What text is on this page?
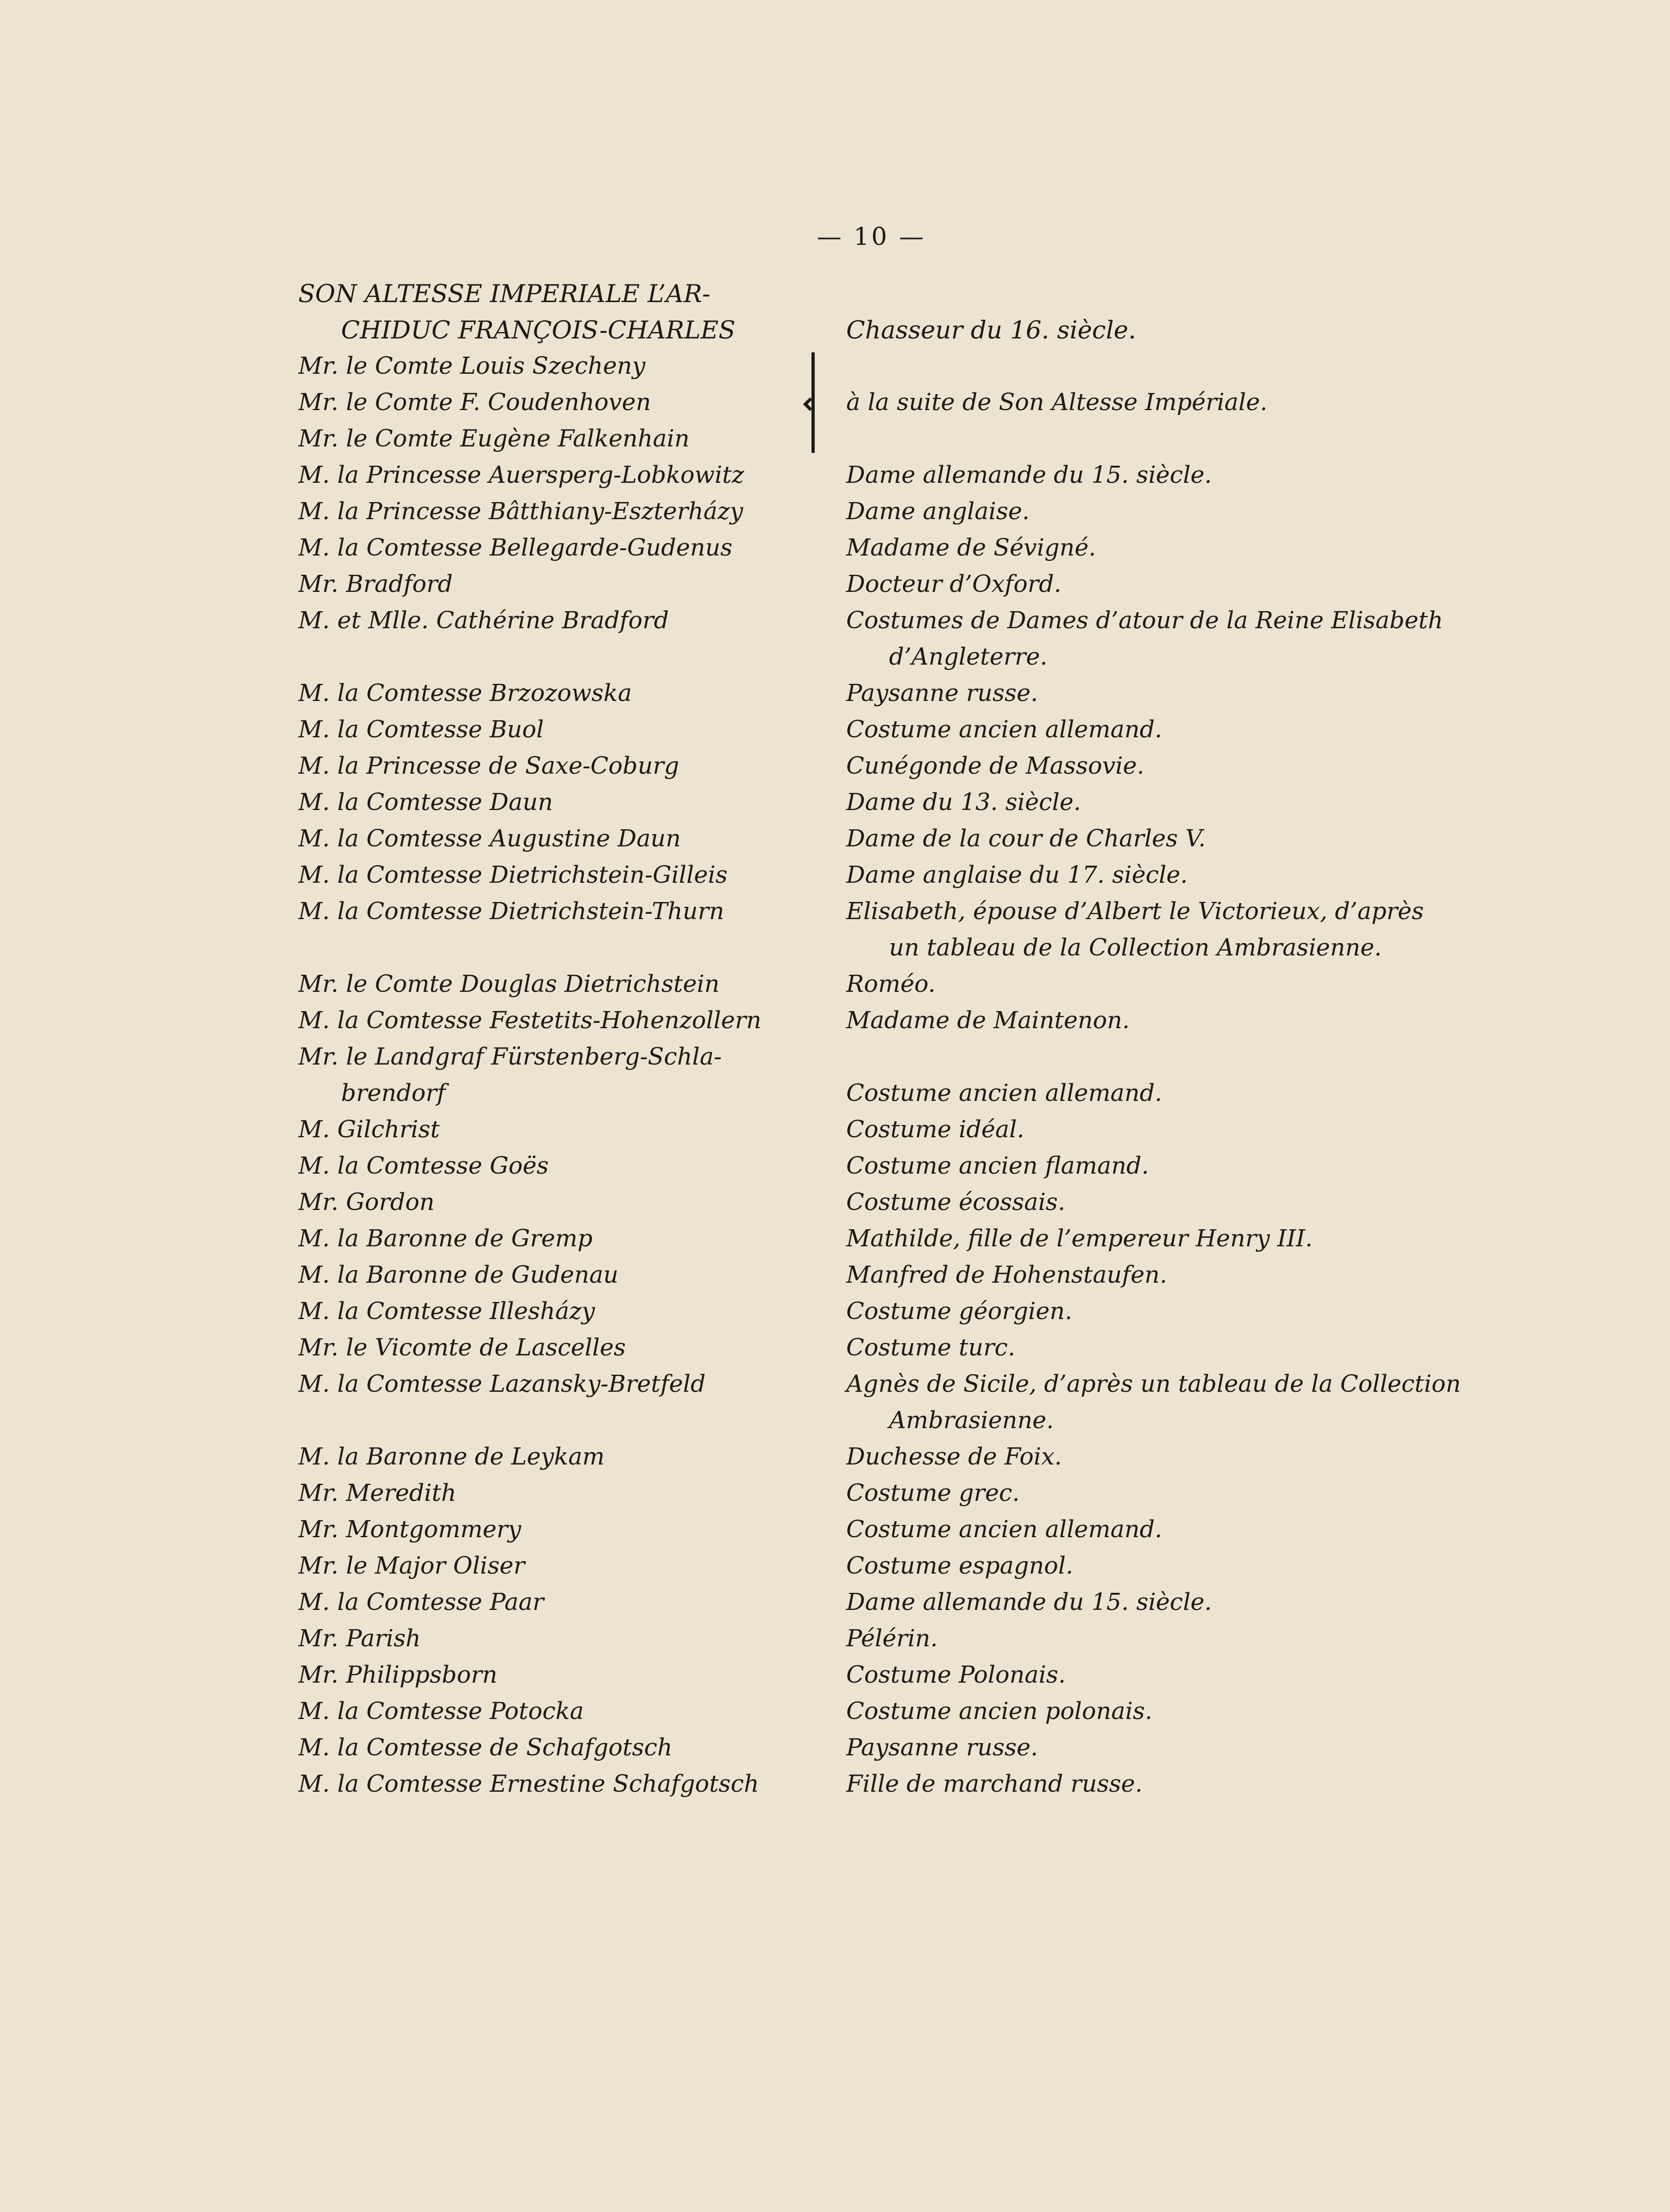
— 10 —
SON ALTESSE IMPERIALE L’AR-

CHIDUC FRANÇOIS-CHARLES	Chasseur du 16. siècle.
Mr. le Comte Louis Szecheny
Mr. le Comte F. Coudenhoven	à la suite de Son Altesse Impériale.
Mr. le Comte Eugène Falkenhain
M. la Princesse Auersperg-Lobkowitz	Dame allemande du 15. siècle.
M. la Princesse Bâtthiany-Eszterházy	Dame anglaise.
M. la Comtesse Bellegarde-Gudenus	Madame de Sévigné.
Mr. Bradford	Docteur d’Oxford.
M. et Mlle. Cathérine Bradford	Costumes de Dames d’atour de la Reine Elisabeth

d’Angleterre.
M. la Comtesse Brzozowska	Paysanne russe.
M. la Comtesse Buol	Costume ancien allemand.
M. la Princesse de Saxe-Coburg	Cunégonde de Massovie.
M. la Comtesse Daun	Dame du 13. siècle.
M. la Comtesse Augustine Daun	Dame de la cour de Charles V.
M. la Comtesse Dietrichstein-Gilleis	Dame anglaise du 17. siècle.
M. la Comtesse Dietrichstein-Thurn	Elisabeth, épouse d’Albert le Victorieux, d’après

un tableau de la Collection Ambrasienne.
Mr. le Comte Douglas Dietrichstein	Roméo.
M. la Comtesse Festetits-Hohenzollern	Madame de Maintenon.
Mr. le Landgraf Fürstenberg-Schla-

brendorf	Costume ancien allemand.
M. Gilchrist	Costume idéal.
M. la Comtesse Goës	Costume ancien flamand.
Mr. Gordon	Costume écossais.
M. la Baronne de Gremp	Mathilde, fille de l’empereur Henry III.
M. la Baronne de Gudenau	Manfred de Hohenstaufen.
M. la Comtesse Illesházy	Costume géorgien.
Mr. le Vicomte de Lascelles	Costume turc.
M. la Comtesse Lazansky-Bretfeld	Agnès de Sicile, d’après un tableau de la Collection

Ambrasienne.
M. la Baronne de Leykam	Duchesse de Foix.
Mr. Meredith	Costume grec.
Mr. Montgommery	Costume ancien allemand.
Mr. le Major Oliser	Costume espagnol.
M. la Comtesse Paar	Dame allemande du 15. siècle.
Mr. Parish	Pélérin.
Mr. Philippsborn	Costume Polonais.
M. la Comtesse Potocka	Costume ancien polonais.
M. la Comtesse de Schafgotsch	Paysanne russe.
M. la Comtesse Ernestine Schafgotsch	Fille de marchand russe.
